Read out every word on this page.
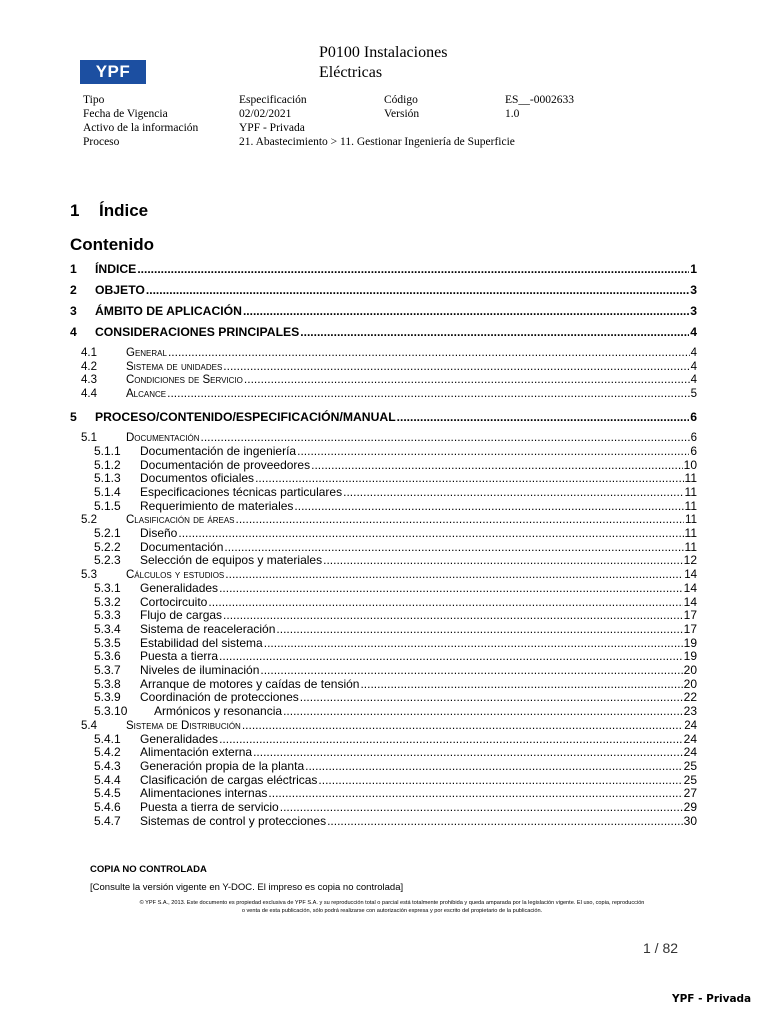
YPF
P0100 Instalaciones
Eléctricas
Tipo	Especificación	Código	ES__-0002633
Fecha de Vigencia	02/02/2021	Versión	1.0
Activo de la información	YPF - Privada
Proceso	21. Abastecimiento > 11. Gestionar Ingeniería de Superficie
1 Índice
Contenido
1	ÍNDICE .....	1
2	OBJETO .....	3
3	ÁMBITO DE APLICACIÓN .....	3
4	CONSIDERACIONES PRINCIPALES .....	4
4.1	General .....	4
4.2	Sistema de unidades .....	4
4.3	Condiciones de Servicio .....	4
4.4	Alcance .....	5
5	PROCESO/CONTENIDO/ESPECIFICACIÓN/MANUAL .....	6
5.1	Documentación .....	6
5.1.1	Documentación de ingeniería .....	6
5.1.2	Documentación de proveedores .....	10
5.1.3	Documentos oficiales .....	11
5.1.4	Especificaciones técnicas particulares .....	11
5.1.5	Requerimiento de materiales .....	11
5.2	Clasificación de áreas .....	11
5.2.1	Diseño .....	11
5.2.2	Documentación .....	11
5.2.3	Selección de equipos y materiales .....	12
5.3	Cálculos y estudios .....	14
5.3.1	Generalidades .....	14
5.3.2	Cortocircuito .....	14
5.3.3	Flujo de cargas .....	17
5.3.4	Sistema de reaceleración .....	17
5.3.5	Estabilidad del sistema .....	19
5.3.6	Puesta a tierra .....	19
5.3.7	Niveles de iluminación .....	20
5.3.8	Arranque de motores y caídas de tensión .....	20
5.3.9	Coordinación de protecciones .....	22
5.3.10	Armónicos y resonancia .....	23
5.4	Sistema de Distribución .....	24
5.4.1	Generalidades .....	24
5.4.2	Alimentación externa .....	24
5.4.3	Generación propia de la planta .....	25
5.4.4	Clasificación de cargas eléctricas .....	25
5.4.5	Alimentaciones internas .....	27
5.4.6	Puesta a tierra de servicio .....	29
5.4.7	Sistemas de control y protecciones .....	30
COPIA NO CONTROLADA
[Consulte la versión vigente en Y-DOC. El impreso es copia no controlada]
© YPF S.A., 2013. Este documento es propiedad exclusiva de YPF S.A. y su reproducción total o parcial está totalmente prohibida y queda amparada por la legislación vigente. El uso, copia, reproducción
o venta de esta publicación, sólo podrá realizarse con autorización expresa y por escrito del propietario de la publicación.
1 / 82
YPF - Privada
